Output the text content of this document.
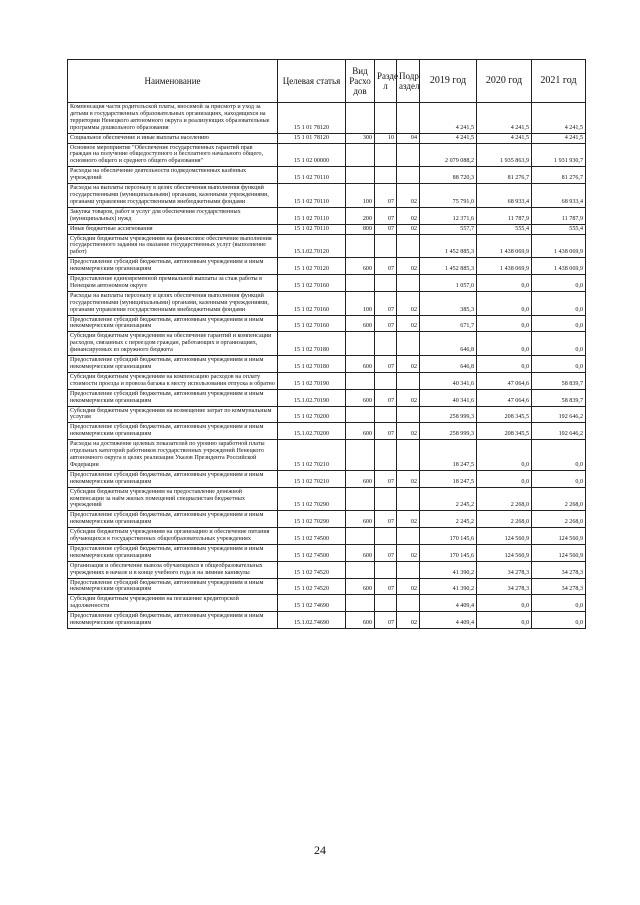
Наименование	Целевая статья	Вид Расхо дов	Разде л	Подр аздел	2019 год	2020 год	2021 год
Компенсация части родительской платы, вносимой за присмотр и уход за детьми в государственных образовательных организациях, находящихся на территории Ненецкого автономного округа и реализующих образовательные программы дошкольного образования	15 1 01 78120				4 241,5	4 241,5	4 241,5
Социальное обеспечение и иные выплаты населению	15 1 01 78120	300	10	04	4 241,5	4 241,5	4 241,5
Основное мероприятие "Обеспечение государственных гарантий прав граждан на получение общедоступного и бесплатного начального общего, основного общего и среднего общего образования"	15 1 02 00000				2 079 088,2	1 935 863,9	1 931 930,7
Расходы на обеспечение деятельности подведомственных казённых учреждений	15 1 02 70110				88 720,3	81 276,7	81 276,7
Расходы на выплаты персоналу в целях обеспечения выполнения функций государственными (муниципальными) органами, казенными учреждениями, органами управления государственными внебюджетными фондами	15 1 02 70110	100	07	02	75 791,0	68 933,4	68 933,4
Закупка товаров, работ и услуг для обеспечения государственных (муниципальных) нужд	15 1 02 70110	200	07	02	12 371,6	11 787,9	11 787,9
Иные бюджетные ассигнования	15 1 02 70110	800	07	02	557,7	555,4	555,4
Субсидии бюджетным учреждениям на финансовое обеспечение выполнения государственного задания на оказание государственных услуг (выполнение работ)	15.1.02.70120				1 452 885,3	1 438 069,9	1 438 069,9
Предоставление субсидий бюджетным, автономным учреждениям и иным некоммерческим организациям	15 1 02 70120	600	07	02	1 452 885,3	1 438 069,9	1 438 069,9
Предоставление единовременной премиальной выплаты за стаж работы в Ненецком автономном округе	15 1 02 70160				1 057,0	0,0	0,0
Расходы на выплаты персоналу в целях обеспечения выполнения функций государственными (муниципальными) органами, казенными учреждениями, органами управления государственными внебюджетными фондами	15 1 02 70160	100	07	02	385,3	0,0	0,0
Предоставление субсидий бюджетным, автономным учреждениям и иным некоммерческим организациям	15 1 02 70160	600	07	02	671,7	0,0	0,0
Субсидии бюджетным учреждениям на обеспечение гарантий и компенсации расходов, связанных с переездом граждан, работающих в организациях, финансируемых из окружного бюджета	15 1 02 70180				646,8	0,0	0,0
Предоставление субсидий бюджетным, автономным учреждениям и иным некоммерческим организациям	15 1 02 70180	600	07	02	646,8	0,0	0,0
Субсидии бюджетным учреждениям на компенсацию расходов на оплату стоимости проезда и провоза багажа к месту использования отпуска и обратно	15 1 02 70190				40 341,6	47 064,6	58 839,7
Предоставление субсидий бюджетным, автономным учреждениям и иным некоммерческим организациям	15.1.02.70190	600	07	02	40 341,6	47 064,6	58 839,7
Субсидии бюджетным учреждениям на возмещение затрат по коммунальным услугам	15 1 02 70200				258 999,3	208 345,5	192 646,2
Предоставление субсидий бюджетным, автономным учреждениям и иным некоммерческим организациям	15.1.02.70200	600	07	02	258 999,3	208 345,5	192 646,2
Расходы на достижение целевых показателей по уровню заработной платы отдельных категорий работников государственных учреждений Ненецкого автономного округа в целях реализации Указов Президента Российской Федерации	15 1 02 70210				18 247,5	0,0	0,0
Предоставление субсидий бюджетным, автономным учреждениям и иным некоммерческим организациям	15 1 02 70210	600	07	02	18 247,5	0,0	0,0
Субсидии бюджетным учреждениям на предоставление денежной компенсации за наём жилых помещений специалистам бюджетных учреждений	15 1 02 70290				2 245,2	2 268,0	2 268,0
Предоставление субсидий бюджетным, автономным учреждениям и иным некоммерческим организациям	15 1 02 70290	600	07	02	2 245,2	2 268,0	2 268,0
Субсидии бюджетным учреждениям на организацию и обеспечение питания обучающихся в государственных общеобразовательных учреждениях	15 1 02 74500				170 145,6	124 560,9	124 560,9
Предоставление субсидий бюджетным, автономным учреждениям и иным некоммерческим организациям	15 1 02 74500	600	07	02	170 145,6	124 560,9	124 560,9
Организация и обеспечение вывоза обучающихся в общеобразовательных учреждениях в начале и в конце учебного года и на зимние каникулы	15 1 02 74520				41 390,2	34 278,3	34 278,3
Предоставление субсидий бюджетным, автономным учреждениям и иным некоммерческим организациям	15 1 02 74520	600	07	02	41 390,2	34 278,3	34 278,3
Субсидии бюджетным учреждениям на погашение кредиторской задолженности	15 1 02 74690				4 409,4	0,0	0,0
Предоставление субсидий бюджетным, автономным учреждениям и иным некоммерческим организациям	15.1.02.74690	600	07	02	4 409,4	0,0	0,0
24
